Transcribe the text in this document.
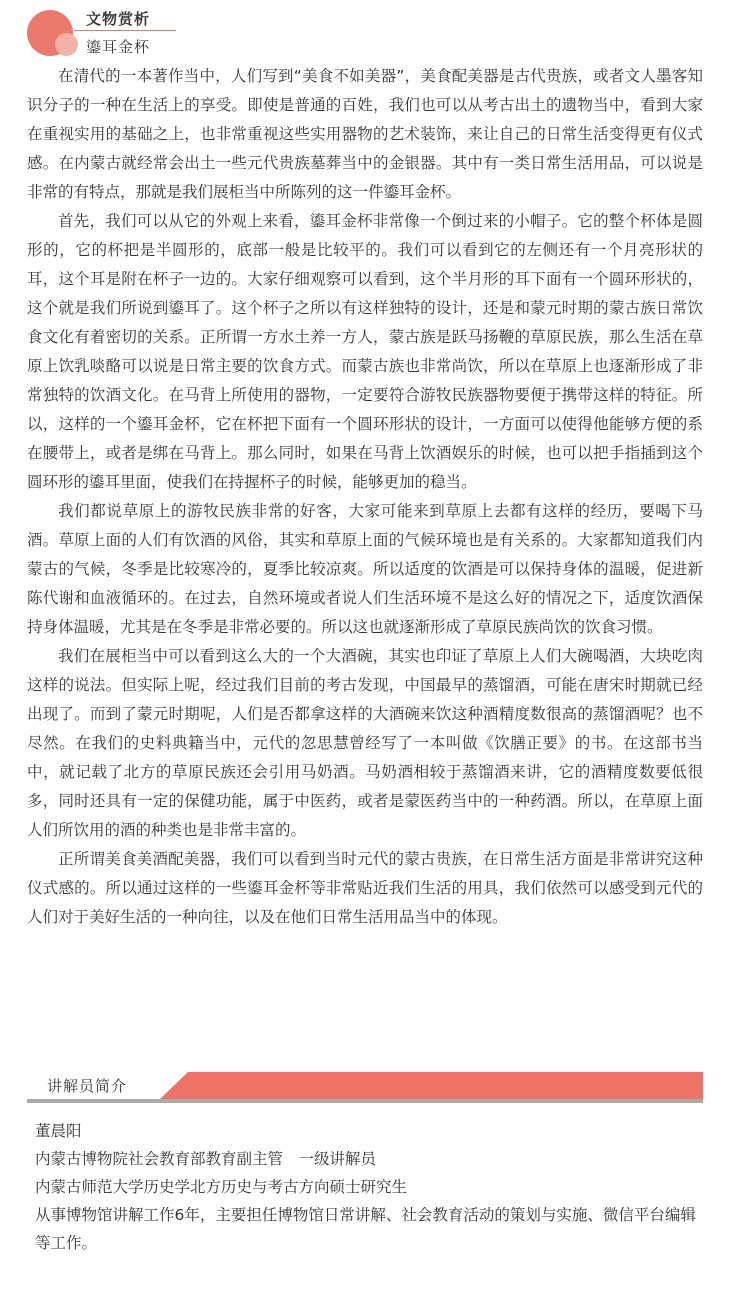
文物赏析
鎏耳金杯

在清代的一本著作当中，人们写到“美食不如美器”，美食配美器是古代贵族，或者文人墨客知识分子的一种在生活上的享受。即使是普通的百姓，我们也可以从考古出土的遗物当中，看到大家在重视实用的基础之上，也非常重视这些实用器物的艺术装饰，来让自己的日常生活变得更有仪式感。在内蒙古就经常会出土一些元代贵族墓葬当中的金银器。其中有一类日常生活用品，可以说是非常的有特点，那就是我们展柜当中所陈列的这一件鎏耳金杯。

首先，我们可以从它的外观上来看，鎏耳金杯非常像一个倒过来的小帽子。它的整个杯体是圆形的，它的杯把是半圆形的，底部一般是比较平的。我们可以看到它的左侧还有一个月亮形状的耳，这个耳是附在杯子一边的。大家仔细观察可以看到，这个半月形的耳下面有一个圆环形状的，这个就是我们所说到鎏耳了。这个杯子之所以有这样独特的设计，还是和蒙元时期的蒙古族日常饮食文化有着密切的关系。正所谓一方水土养一方人，蒙古族是跃马扬鞭的草原民族，那么生活在草原上饮乳啖酪可以说是日常主要的饮食方式。而蒙古族也非常尚饮，所以在草原上也逐渐形成了非常独特的饮酒文化。在马背上所使用的器物，一定要符合游牧民族器物要便于携带这样的特征。所以，这样的一个鎏耳金杯，它在杯把下面有一个圆环形状的设计，一方面可以使得他能够方便的系在腰带上，或者是绑在马背上。那么同时，如果在马背上饮酒娱乐的时候，也可以把手指插到这个圆环形的鎏耳里面，使我们在持握杯子的时候，能够更加的稳当。

我们都说草原上的游牧民族非常的好客，大家可能来到草原上去都有这样的经历，要喝下马酒。草原上面的人们有饮酒的风俗，其实和草原上面的气候环境也是有关系的。大家都知道我们内蒙古的气候，冬季是比较寒冷的，夏季比较凉爽。所以适度的饮酒是可以保持身体的温暖，促进新陈代谢和血液循环的。在过去，自然环境或者说人们生活环境不是这么好的情况之下，适度饮酒保持身体温暖，尤其是在冬季是非常必要的。所以这也就逐渐形成了草原民族尚饮的饮食习惯。

我们在展柜当中可以看到这么大的一个大酒碗，其实也印证了草原上人们大碗喝酒，大块吃肉这样的说法。但实际上呢，经过我们目前的考古发现，中国最早的蒸馏酒，可能在唐宋时期就已经出现了。而到了蒙元时期呢，人们是否都拿这样的大酒碗来饮这种酒精度数很高的蒸馏酒呢？也不尽然。在我们的史料典籍当中，元代的忽思慧曾经写了一本叫做《饮膳正要》的书。在这部书当中，就记载了北方的草原民族还会引用马奶酒。马奶酒相较于蒸馏酒来讲，它的酒精度数要低很多，同时还具有一定的保健功能，属于中医药，或者是蒙医药当中的一种药酒。所以，在草原上面人们所饮用的酒的种类也是非常丰富的。

正所谓美食美酒配美器，我们可以看到当时元代的蒙古贵族，在日常生活方面是非常讲究这种仪式感的。所以通过这样的一些鎏耳金杯等非常贴近我们生活的用具，我们依然可以感受到元代的人们对于美好生活的一种向往，以及在他们日常生活用品当中的体现。

讲解员简介

董晨阳

内蒙古博物院社会教育部教育副主管　一级讲解员

内蒙古师范大学历史学北方历史与考古方向硕士研究生

从事博物馆讲解工作6年，主要担任博物馆日常讲解、社会教育活动的策划与实施、微信平台编辑等工作。
